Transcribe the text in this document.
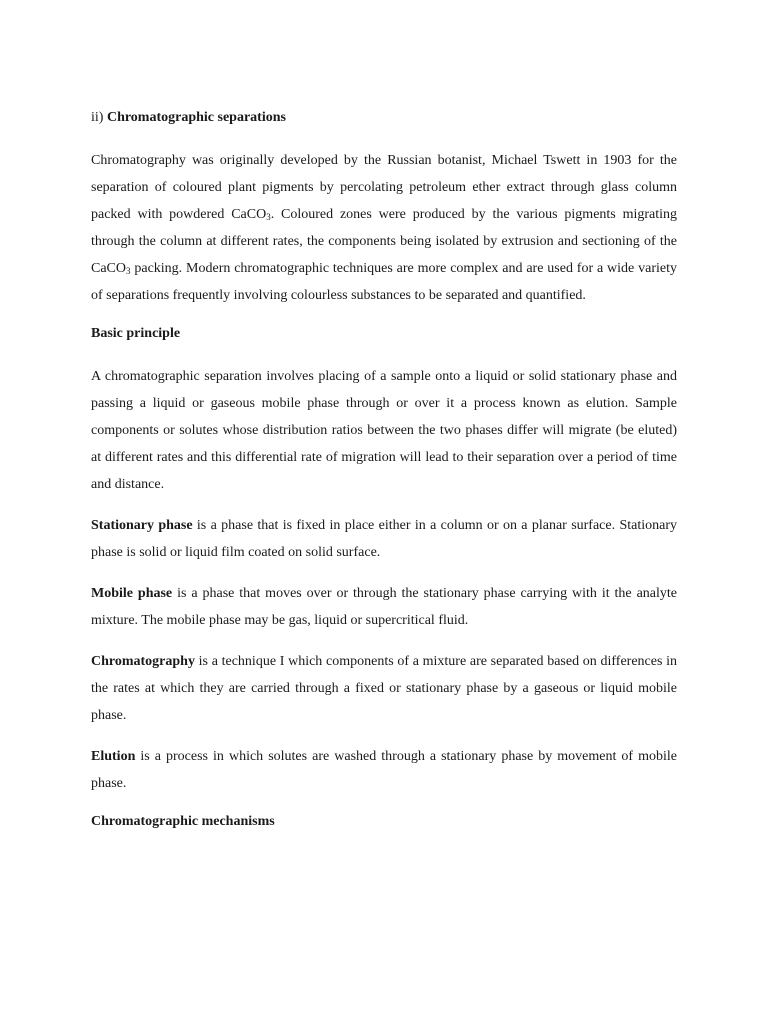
ii) Chromatographic separations

Chromatography was originally developed by the Russian botanist, Michael Tswett in 1903 for the separation of coloured plant pigments by percolating petroleum ether extract through glass column packed with powdered CaCO$_3$. Coloured zones were produced by the various pigments migrating through the column at different rates, the components being isolated by extrusion and sectioning of the CaCO$_3$ packing. Modern chromatographic techniques are more complex and are used for a wide variety of separations frequently involving colourless substances to be separated and quantified.

Basic principle

A chromatographic separation involves placing of a sample onto a liquid or solid stationary phase and passing a liquid or gaseous mobile phase through or over it a process known as elution. Sample components or solutes whose distribution ratios between the two phases differ will migrate (be eluted) at different rates and this differential rate of migration will lead to their separation over a period of time and distance.

Stationary phase is a phase that is fixed in place either in a column or on a planar surface. Stationary phase is solid or liquid film coated on solid surface.

Mobile phase is a phase that moves over or through the stationary phase carrying with it the analyte mixture. The mobile phase may be gas, liquid or supercritical fluid.

Chromatography is a technique I which components of a mixture are separated based on differences in the rates at which they are carried through a fixed or stationary phase by a gaseous or liquid mobile phase.

Elution is a process in which solutes are washed through a stationary phase by movement of mobile phase.

Chromatographic mechanisms
